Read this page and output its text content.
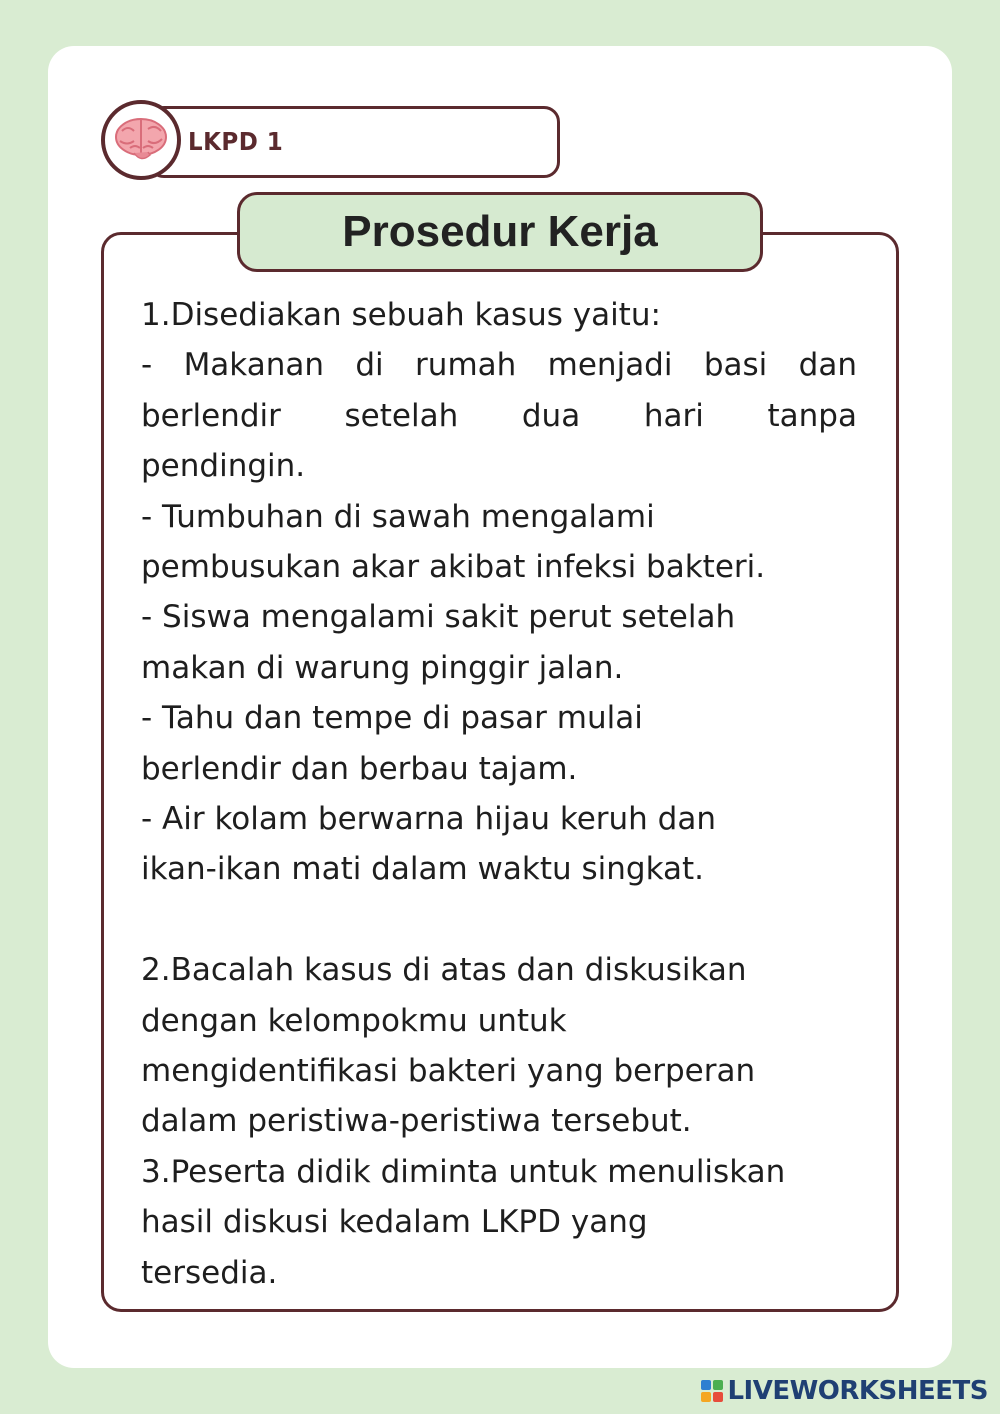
LKPD 1
Prosedur Kerja
1.Disediakan sebuah kasus yaitu:
- Makanan di rumah menjadi basi dan
berlendir setelah dua hari tanpa
pendingin.
- Tumbuhan di sawah mengalami
pembusukan akar akibat infeksi bakteri.
- Siswa mengalami sakit perut setelah
makan di warung pinggir jalan.
- Tahu dan tempe di pasar mulai
berlendir dan berbau tajam.
- Air kolam berwarna hijau keruh dan
ikan-ikan mati dalam waktu singkat.
2.Bacalah kasus di atas dan diskusikan
dengan kelompokmu untuk
mengidentifikasi bakteri yang berperan
dalam peristiwa-peristiwa tersebut.
3.Peserta didik diminta untuk menuliskan
hasil diskusi kedalam LKPD yang
tersedia.
LIVEWORKSHEETS
